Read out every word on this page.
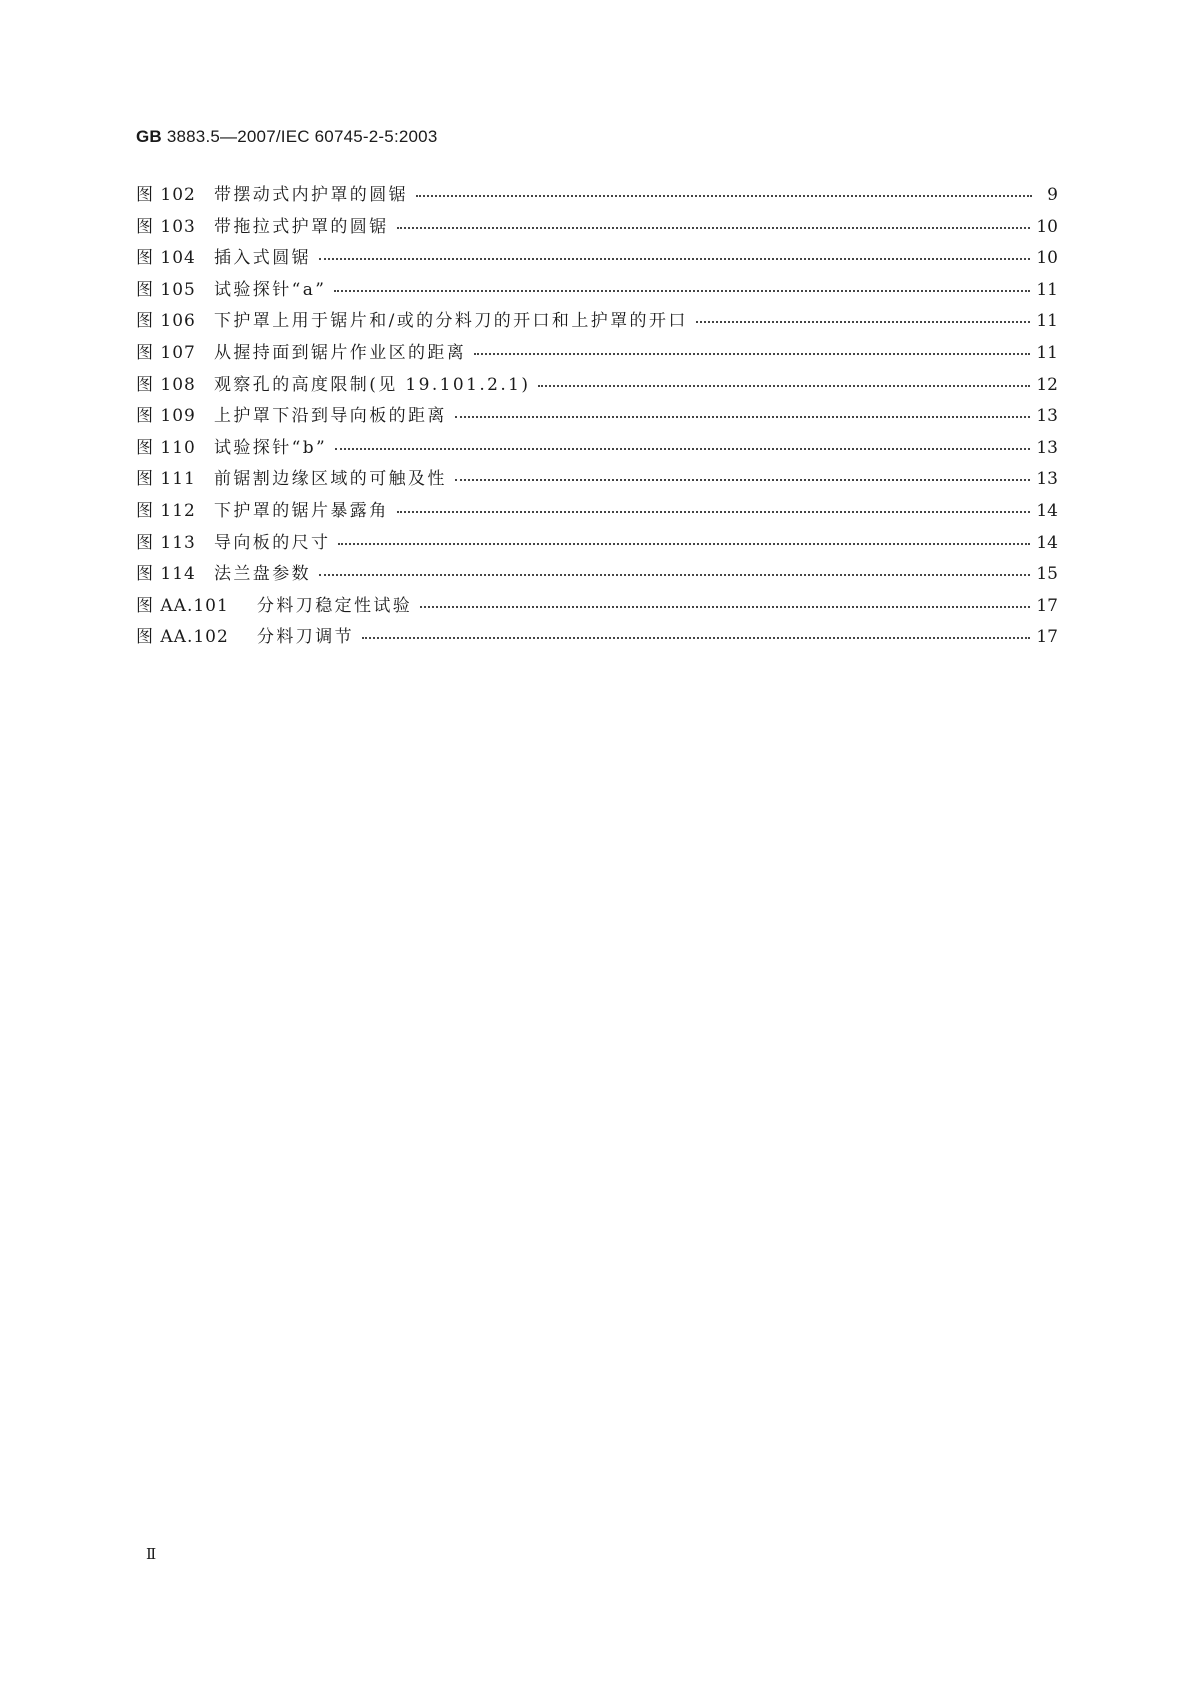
GB 3883.5—2007/IEC 60745-2-5:2003
图 102	带摆动式内护罩的圆锯	9
图 103	带拖拉式护罩的圆锯	10
图 104	插入式圆锯	10
图 105	试验探针“a”	11
图 106	下护罩上用于锯片和/或的分料刀的开口和上护罩的开口	11
图 107	从握持面到锯片作业区的距离	11
图 108	观察孔的高度限制(见 19.101.2.1)	12
图 109	上护罩下沿到导向板的距离	13
图 110	试验探针“b”	13
图 111	前锯割边缘区域的可触及性	13
图 112	下护罩的锯片暴露角	14
图 113	导向板的尺寸	14
图 114	法兰盘参数	15
图 AA.101	分料刀稳定性试验	17
图 AA.102	分料刀调节	17
Ⅱ
